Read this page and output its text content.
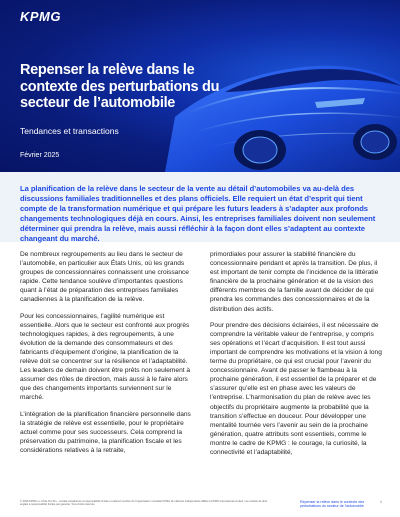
KPMG
Repenser la relève dans le contexte des perturbations du secteur de l’automobile
Tendances et transactions
Février 2025

La planification de la relève dans le secteur de la vente au détail d’automobiles va au-delà des discussions familiales traditionnelles et des plans officiels. Elle requiert un état d’esprit qui tient compte de la transformation numérique et qui prépare les futurs leaders à s’adapter aux profonds changements technologiques déjà en cours. Ainsi, les entreprises familiales doivent non seulement déterminer qui prendra la relève, mais aussi réfléchir à la façon dont elles s’adaptent au contexte changeant du marché.

De nombreux regroupements au lieu dans le secteur de l’automobile, en particulier aux États Unis, où les grands groupes de concessionnaires connaissent une croissance rapide. Cette tendance soulève d’importantes questions quant à l’état de préparation des entreprises familiales canadiennes à la planification de la relève.

Pour les concessionnaires, l’agilité numérique est essentielle. Alors que le secteur est confronté aux progrès technologiques rapides, à des regroupements, à une évolution de la demande des consommateurs et des fabricants d’équipement d’origine, la planification de la relève doit se concentrer sur la résilience et l’adaptabilité. Les leaders de demain doivent être prêts non seulement à assumer des rôles de direction, mais aussi à le faire alors que des changements importants surviennent sur le marché.

L’intégration de la planification financière personnelle dans la stratégie de relève est essentielle, pour le propriétaire actuel comme pour ses successeurs. Cela comprend la préservation du patrimoine, la planification fiscale et les considérations relatives à la retraite,

primordiales pour assurer la stabilité financière du concessionnaire pendant et après la transition. De plus, il est important de tenir compte de l’incidence de la littératie financière de la prochaine génération et de la vision des différents membres de la famille avant de décider de qui prendra les commandes des concessionnaires et de la distribution des actifs.

Pour prendre des décisions éclairées, il est nécessaire de comprendre la véritable valeur de l’entreprise, y compris ses opérations et l’écart d’acquisition. Il est tout aussi important de comprendre les motivations et la vision à long terme du propriétaire, ce qui est crucial pour l’avenir du concessionnaire. Avant de passer le flambeau à la prochaine génération, il est essentiel de la préparer et de s’assurer qu’elle est en phase avec les valeurs de l’entreprise. L’harmonisation du plan de relève avec les objectifs du propriétaire augmente la probabilité que la transition s’effectue en douceur. Pour développer une mentalité tournée vers l’avenir au sein de la prochaine génération, quatre attributs sont essentiels, comme le montre le cadre de KPMG : le courage, la curiosité, la connectivité et l’adaptabilité,

© 2025 KPMG s.r.l./S.E.N.C.R.L., société canadienne à responsabilité limitée et cabinet membre de l’organisation mondiale KPMG de cabinets indépendants affiliés à KPMG International Limited, une société de droit anglais à responsabilité limitée par garantie. Tous droits réservés.
Repenser la relève dans le contexte des perturbations du secteur de l’automobile
1
